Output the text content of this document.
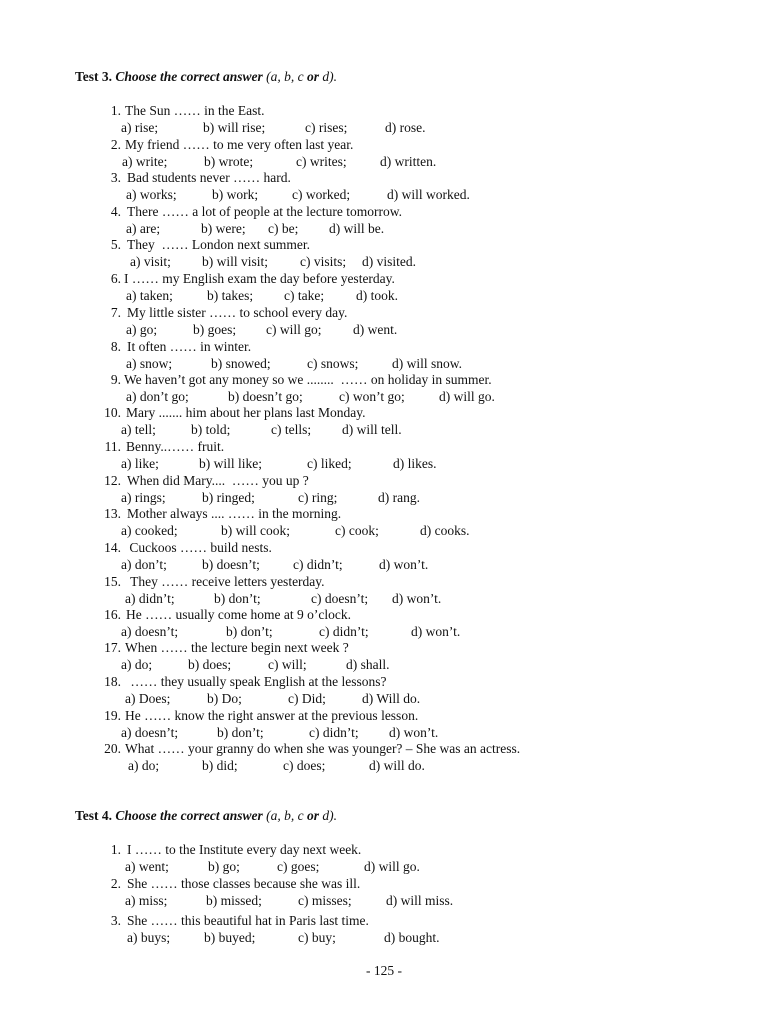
Test 3. Choose the correct answer (a, b, c or d).
1. The Sun …… in the East.
a) rise;	b) will rise;	c) rises;	d) rose.
2. My friend …… to me very often last year.
a) write;	b) wrote;	c) writes; d) written.
3. Bad students never …… hard.
a) works;	b) work;	c) worked;	d) will worked.
4. There …… a lot of people at the lecture tomorrow.
a) are;	b) were; c) be; d) will be.
5. They  …… London next summer.
a) visit; b) will visit; c) visits; d) visited.
6. I …… my English exam the day before yesterday.
a) taken;	b) takes; c) take; d) took.
7. My little sister …… to school every day.
a) go;	b) goes; c) will go; d) went.
8. It often …… in winter.
a) snow;	b) snowed;	c) snows; d) will snow.
9. We haven’t got any money so we ........  …… on holiday in summer.
a) don’t go;	b) doesn’t go;	c) won’t go;	d) will go.
10. Mary ....... him about her plans last Monday.
a) tell;	b) told;	c) tells; d) will tell.
11. Benny..…… fruit.
a) like;	b) will like;	c) liked;	d) likes.
12. When did Mary....  …… you up ?
a) rings;	b) ringed;	c) ring;	d) rang.
13. Mother always .... …… in the morning.
a) cooked;	b) will cook;	c) cook;	d) cooks.
14. Cuckoos …… build nests.
a) don’t;	b) doesn’t; c) didn’t;	d) won’t.
15. They …… receive letters yesterday.
a) didn’t;	b) don’t;	c) doesn’t; d) won’t.
16. He …… usually come home at 9 o’clock.
a) doesn’t;	b) don’t;	c) didn’t;	d) won’t.
17. When …… the lecture begin next week ?
a) do;	b) does;	c) will;	d) shall.
18. …… they usually speak English at the lessons?
a) Does;	b) Do;	c) Did;	d) Will do.
19. He …… know the right answer at the previous lesson.
a) doesn’t;	b) don’t;	c) didn’t; d) won’t.
20. What …… your granny do when she was younger? – She was an actress.
a) do;	b) did;	c) does;	d) will do.
Test 4. Choose the correct answer (a, b, c or d).
1. I …… to the Institute every day next week.
a) went;	b) go;	c) goes;	d) will go.
2. She …… those classes because she was ill.
a) miss;	b) missed;	c) misses;	d) will miss.
3. She …… this beautiful hat in Paris last time.
a) buys;	b) buyed;	c) buy;	d) bought.
- 125 -
